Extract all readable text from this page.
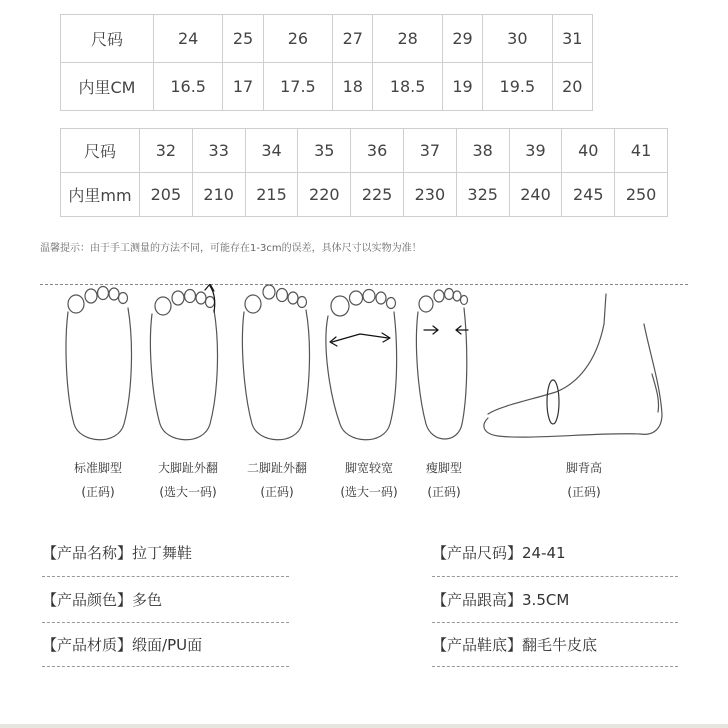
尺码	24	25	26	27	28	29	30	31
内里CM	16.5	17	17.5	18	18.5	19	19.5	20
尺码	32	33	34	35	36	37	38	39	40	41
内里mm	205	210	215	220	225	230	325	240	245	250
温馨提示：由于手工测量的方法不同，可能存在1-3cm的误差，具体尺寸以实物为准！
标准脚型
(正码)
大脚趾外翻
(选大一码)
二脚趾外翻
(正码)
脚宽较宽
(选大一码)
瘦脚型
(正码)
脚背高
(正码)
【产品名称】拉丁舞鞋	【产品尺码】24-41
【产品颜色】多色	【产品跟高】3.5CM
【产品材质】缎面/PU面	【产品鞋底】翻毛牛皮底
